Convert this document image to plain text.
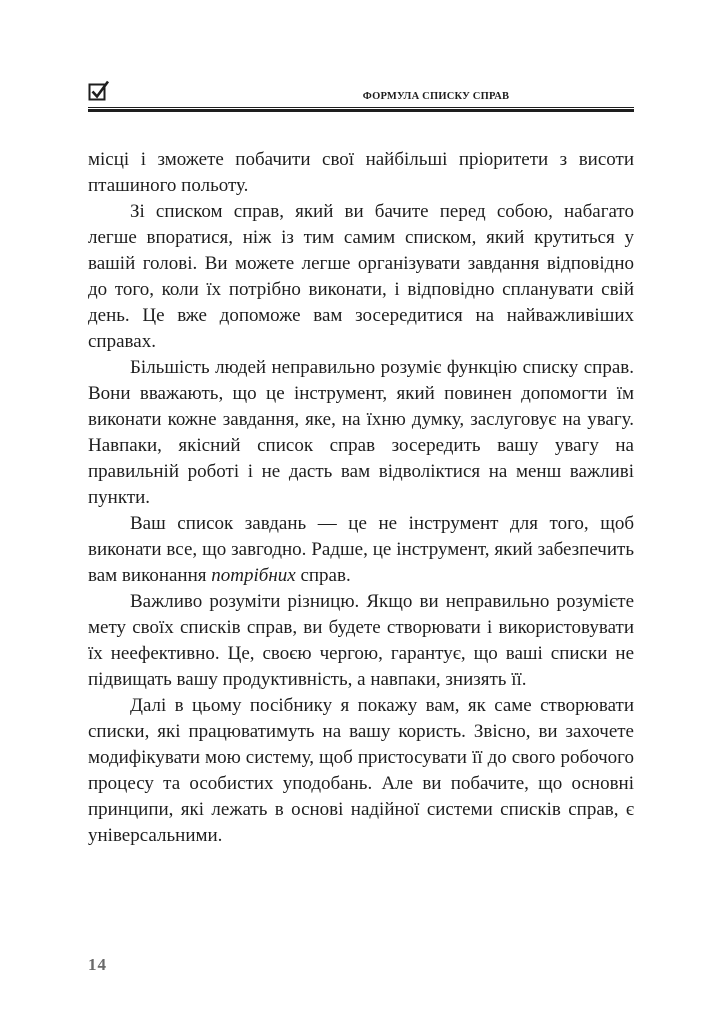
ФОРМУЛА СПИСКУ СПРАВ

місці і зможете побачити свої найбільші пріоритети з висоти пташиного польоту.

Зі списком справ, який ви бачите перед собою, набагато легше впоратися, ніж із тим самим списком, який крутиться у вашій голові. Ви можете легше організувати завдання відповідно до того, коли їх потрібно виконати, і відповідно спланувати свій день. Це вже допоможе вам зосередитися на найважливіших справах.

Більшість людей неправильно розуміє функцію списку справ. Вони вважають, що це інструмент, який повинен допомогти їм виконати кожне завдання, яке, на їхню думку, заслуговує на увагу. Навпаки, якісний список справ зосередить вашу увагу на правильній роботі і не дасть вам відволіктися на менш важливі пункти.

Ваш список завдань — це не інструмент для того, щоб виконати все, що завгодно. Радше, це інструмент, який забезпечить вам виконання потрібних справ.

Важливо розуміти різницю. Якщо ви неправильно розумієте мету своїх списків справ, ви будете створювати і використовувати їх неефективно. Це, своєю чергою, гарантує, що ваші списки не підвищать вашу продуктивність, а навпаки, знизять її.

Далі в цьому посібнику я покажу вам, як саме створювати списки, які працюватимуть на вашу користь. Звісно, ви захочете модифікувати мою систему, щоб пристосувати її до свого робочого процесу та особистих уподобань. Але ви побачите, що основні принципи, які лежать в основі надійної системи списків справ, є універсальними.

14
